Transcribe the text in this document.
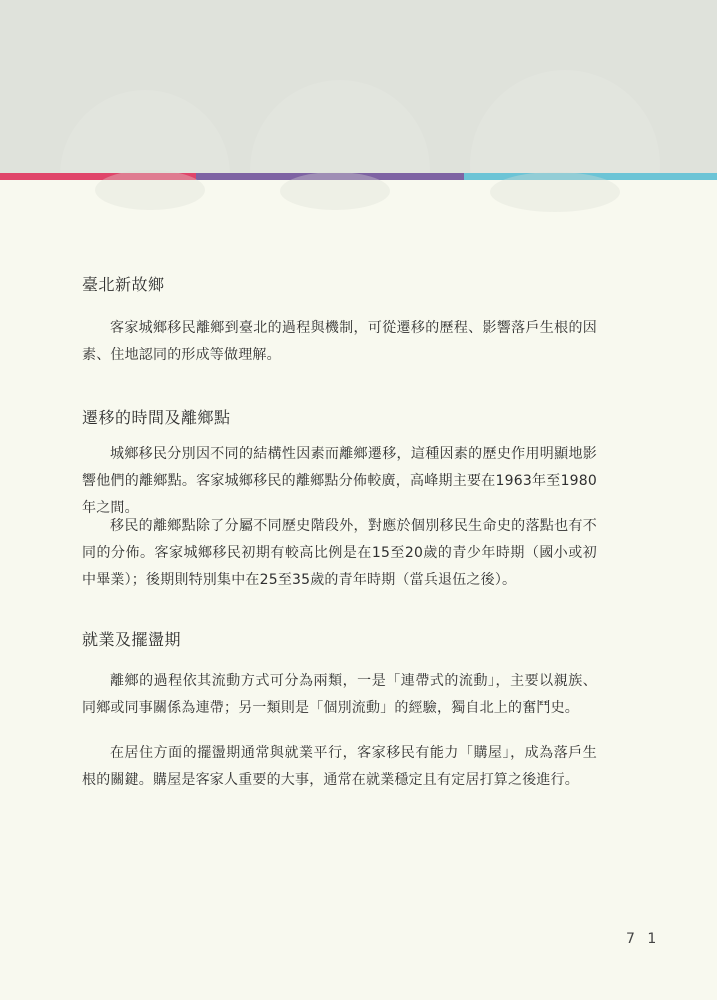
臺北新故鄉
客家城鄉移民離鄉到臺北的過程與機制，可從遷移的歷程、影響落戶生根的因素、住地認同的形成等做理解。
遷移的時間及離鄉點
城鄉移民分別因不同的結構性因素而離鄉遷移，這種因素的歷史作用明顯地影響他們的離鄉點。客家城鄉移民的離鄉點分佈較廣，高峰期主要在1963年至1980年之間。
移民的離鄉點除了分屬不同歷史階段外，對應於個別移民生命史的落點也有不同的分佈。客家城鄉移民初期有較高比例是在15至20歲的青少年時期（國小或初中畢業）；後期則特別集中在25至35歲的青年時期（當兵退伍之後）。
就業及擺盪期
離鄉的過程依其流動方式可分為兩類，一是「連帶式的流動」，主要以親族、同鄉或同事關係為連帶；另一類則是「個別流動」的經驗，獨自北上的奮鬥史。
在居住方面的擺盪期通常與就業平行，客家移民有能力「購屋」，成為落戶生根的關鍵。購屋是客家人重要的大事，通常在就業穩定且有定居打算之後進行。
7 1
